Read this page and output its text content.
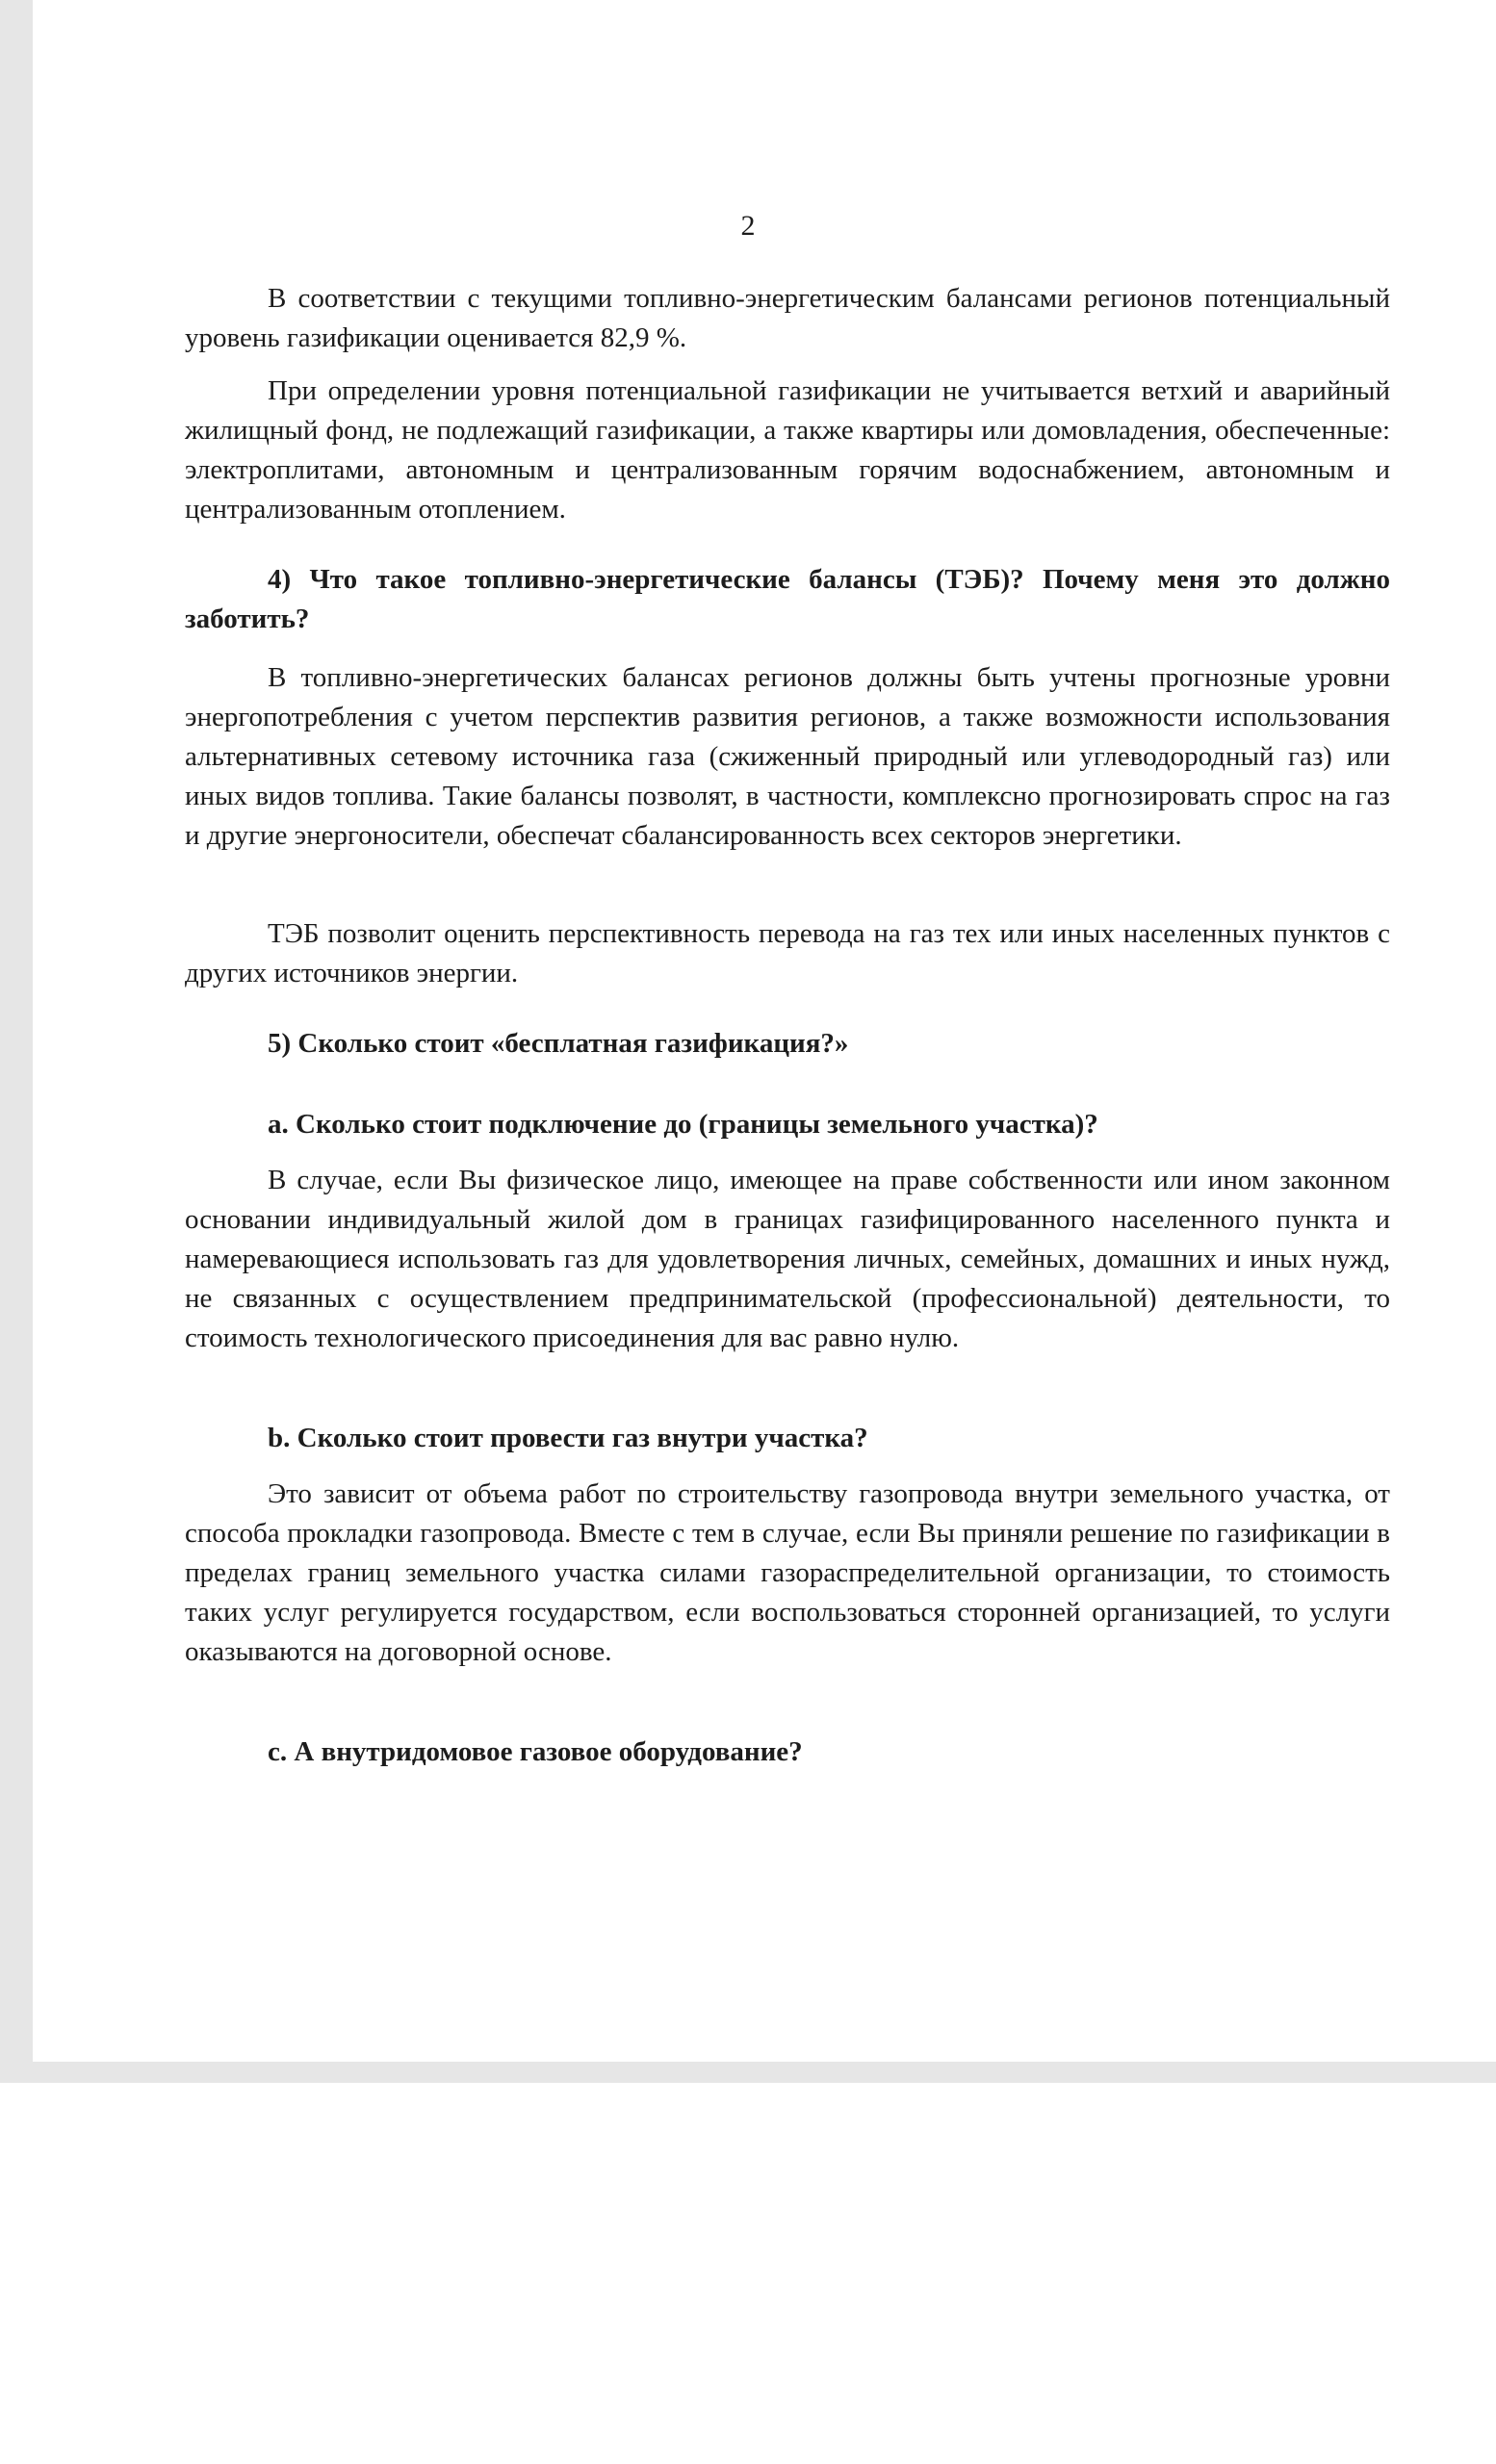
2

В соответствии с текущими топливно-энергетическим балансами регионов потенциальный уровень газификации оценивается 82,9 %.

При определении уровня потенциальной газификации не учитывается ветхий и аварийный жилищный фонд, не подлежащий газификации, а также квартиры или домовладения, обеспеченные: электроплитами, автономным и централизованным горячим водоснабжением, автономным и централизованным отоплением.

4) Что такое топливно-энергетические балансы (ТЭБ)? Почему меня это должно заботить?

В топливно-энергетических балансах регионов должны быть учтены прогнозные уровни энергопотребления с учетом перспектив развития регионов, а также возможности использования альтернативных сетевому источника газа (сжиженный природный или углеводородный газ) или иных видов топлива. Такие балансы позволят, в частности, комплексно прогнозировать спрос на газ и другие энергоносители, обеспечат сбалансированность всех секторов энергетики.

ТЭБ позволит оценить перспективность перевода на газ тех или иных населенных пунктов с других источников энергии.

5) Сколько стоит «бесплатная газификация?»

a. Сколько стоит подключение до (границы земельного участка)?

В случае, если Вы физическое лицо, имеющее на праве собственности или ином законном основании индивидуальный жилой дом в границах газифицированного населенного пункта и намеревающиеся использовать газ для удовлетворения личных, семейных, домашних и иных нужд, не связанных с осуществлением предпринимательской (профессиональной) деятельности, то стоимость технологического присоединения для вас равно нулю.

b. Сколько стоит провести газ внутри участка?

Это зависит от объема работ по строительству газопровода внутри земельного участка, от способа прокладки газопровода. Вместе с тем в случае, если Вы приняли решение по газификации в пределах границ земельного участка силами газораспределительной организации, то стоимость таких услуг регулируется государством, если воспользоваться сторонней организацией, то услуги оказываются на договорной основе.

c. А внутридомовое газовое оборудование?
